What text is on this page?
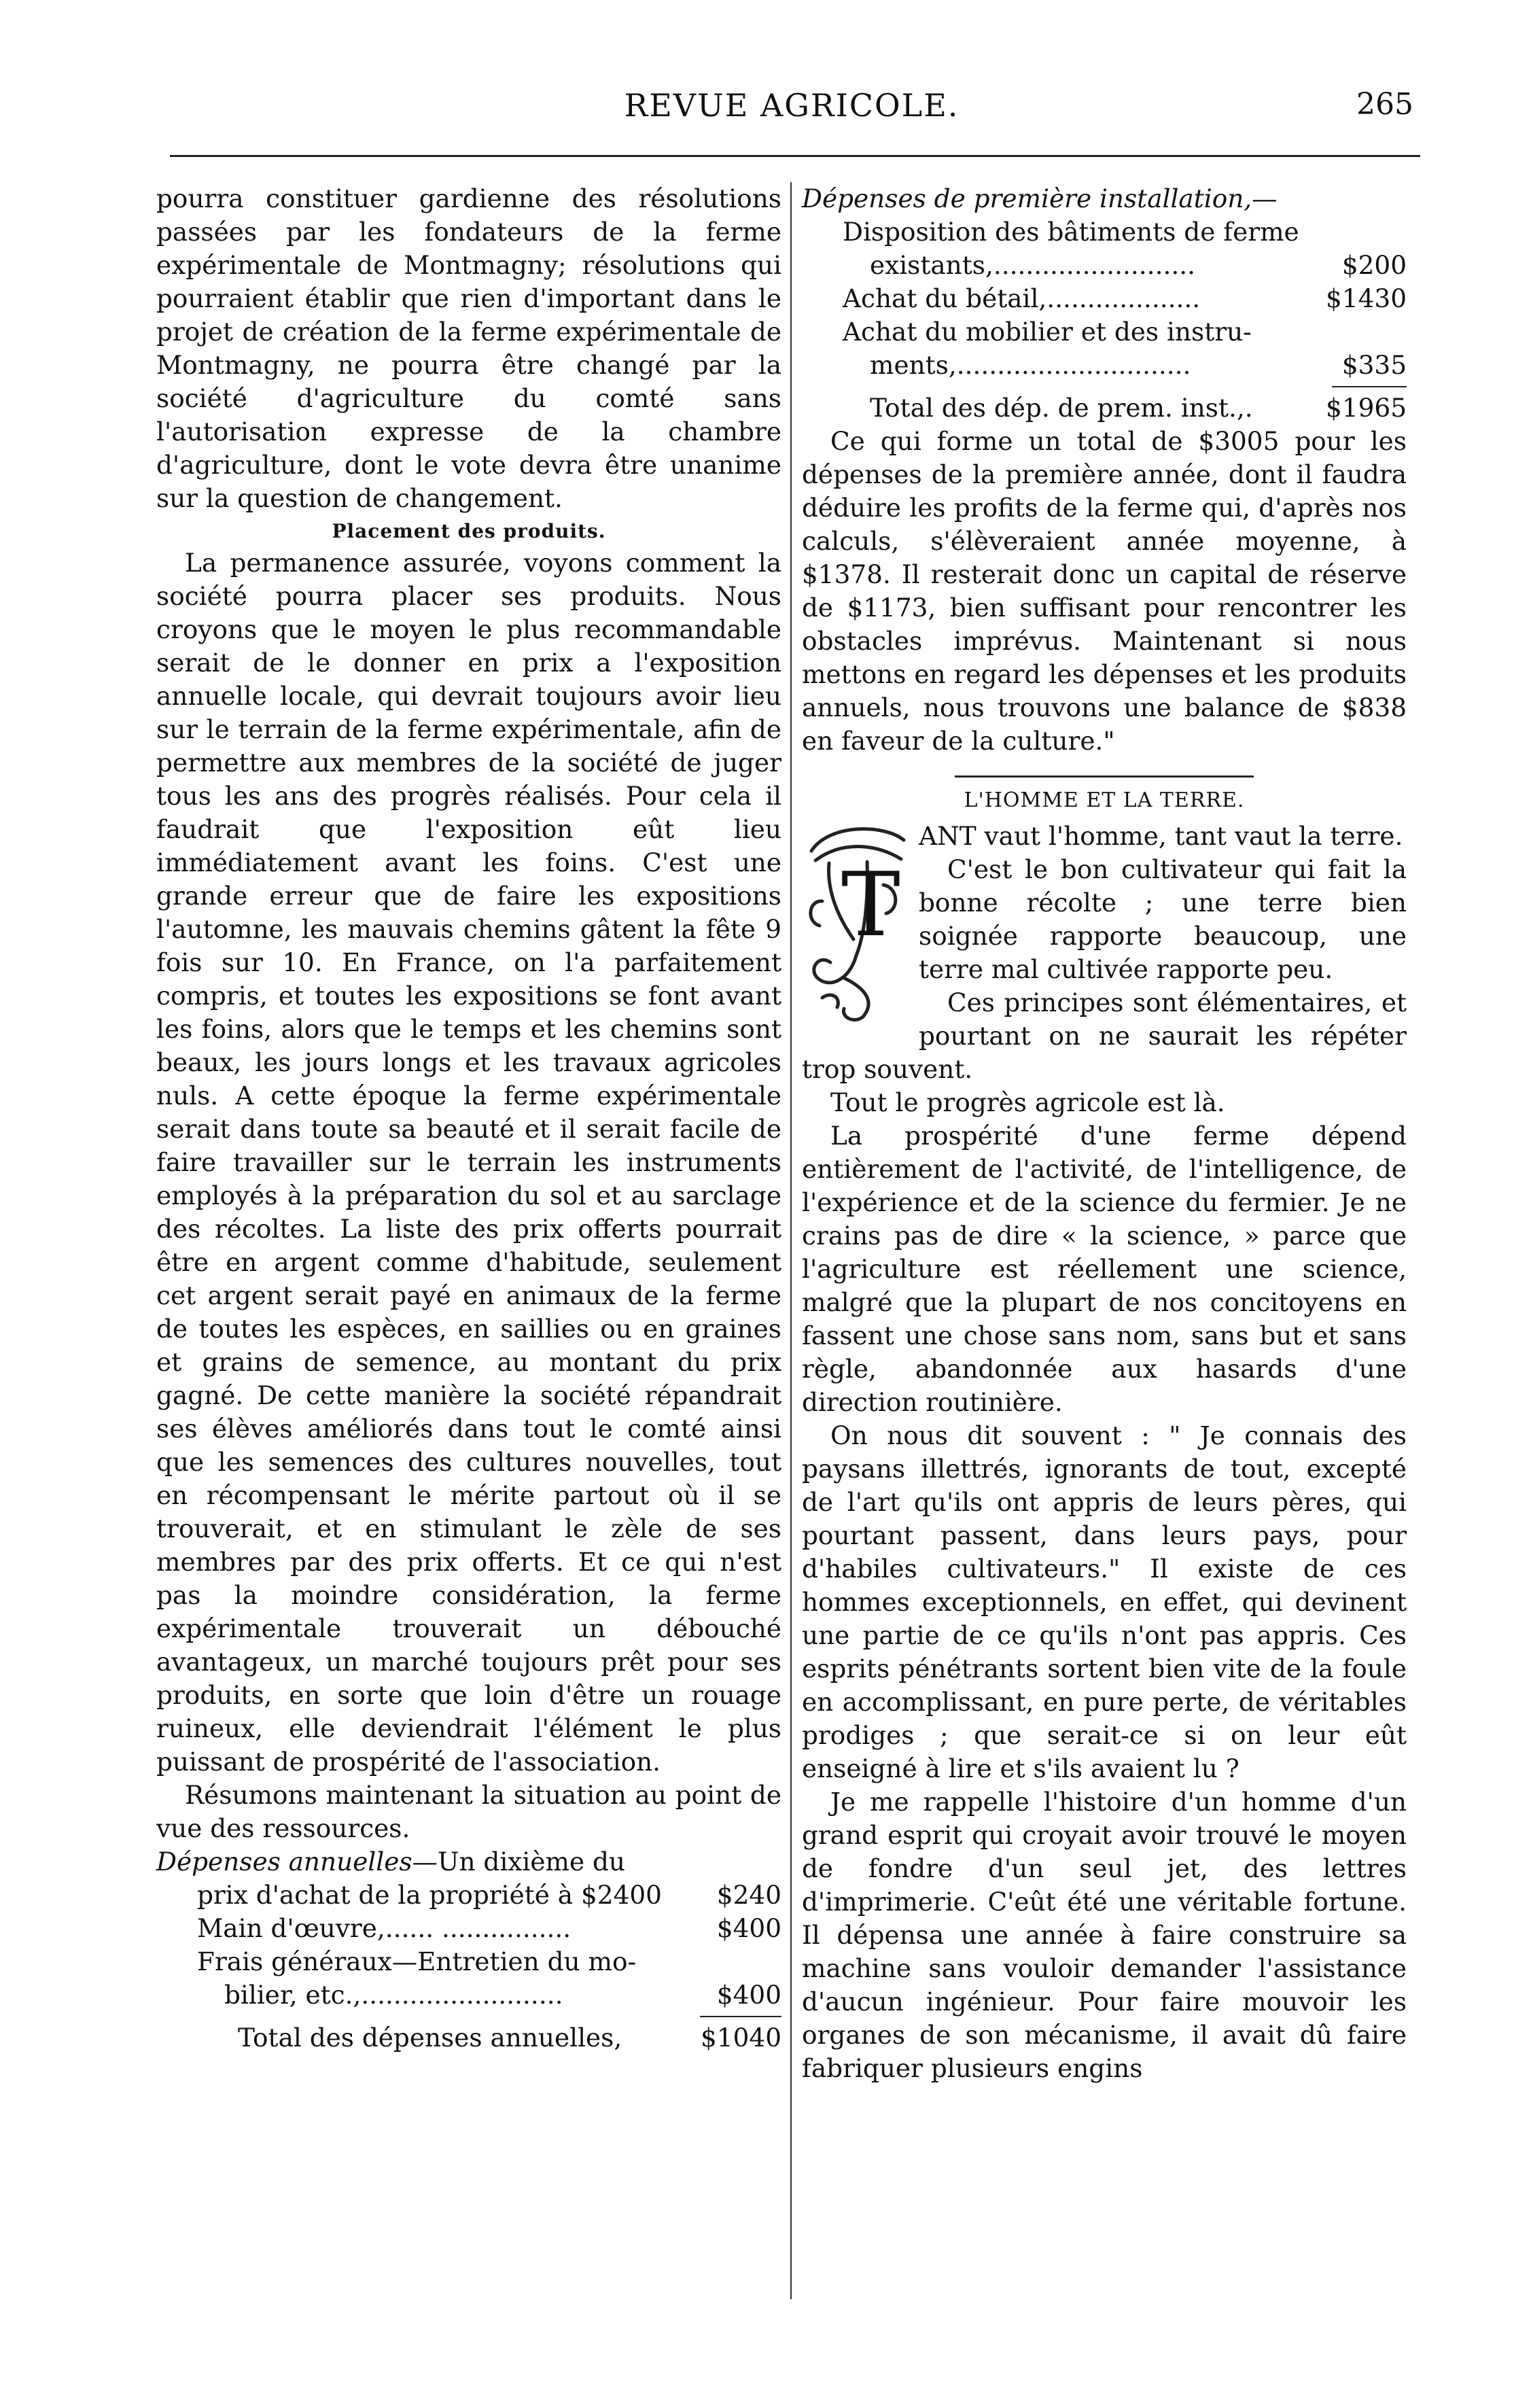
REVUE AGRICOLE.	265

pourra constituer gardienne des résolutions passées par les fondateurs de la ferme expérimentale de Montmagny; résolutions qui pourraient établir que rien d'important dans le projet de création de la ferme expérimentale de Montmagny, ne pourra être changé par la société d'agriculture du comté sans l'autorisation expresse de la chambre d'agriculture, dont le vote devra être unanime sur la question de changement.

Placement des produits.

La permanence assurée, voyons comment la société pourra placer ses produits. Nous croyons que le moyen le plus recommandable serait de le donner en prix a l'exposition annuelle locale, qui devrait toujours avoir lieu sur le terrain de la ferme expérimentale, afin de permettre aux membres de la société de juger tous les ans des progrès réalisés. Pour cela il faudrait que l'exposition eût lieu immédiatement avant les foins. C'est une grande erreur que de faire les expositions l'automne, les mauvais chemins gâtent la fête 9 fois sur 10. En France, on l'a parfaitement compris, et toutes les expositions se font avant les foins, alors que le temps et les chemins sont beaux, les jours longs et les travaux agricoles nuls. A cette époque la ferme expérimentale serait dans toute sa beauté et il serait facile de faire travailler sur le terrain les instruments employés à la préparation du sol et au sarclage des récoltes. La liste des prix offerts pourrait être en argent comme d'habitude, seulement cet argent serait payé en animaux de la ferme de toutes les espèces, en saillies ou en graines et grains de semence, au montant du prix gagné. De cette manière la société répandrait ses élèves améliorés dans tout le comté ainsi que les semences des cultures nouvelles, tout en récompensant le mérite partout où il se trouverait, et en stimulant le zèle de ses membres par des prix offerts. Et ce qui n'est pas la moindre considération, la ferme expérimentale trouverait un débouché avantageux, un marché toujours prêt pour ses produits, en sorte que loin d'être un rouage ruineux, elle deviendrait l'élément le plus puissant de prospérité de l'association.

Résumons maintenant la situation au point de vue des ressources.

Dépenses annuelles—Un dixième du
prix d'achat de la propriété à $2400	$240
Main d'œuvre,...... ................	$400
Frais généraux—Entretien du mo-
bilier, etc.,.........................	$400
Total des dépenses annuelles,	$1040
Dépenses de première installation,—
Disposition des bâtiments de ferme
existants,.........................	$200
Achat du bétail,...................	$1430
Achat du mobilier et des instru-
ments,.............................	$335
Total des dép. de prem. inst.,.	$1965

Ce qui forme un total de $3005 pour les dépenses de la première année, dont il faudra déduire les profits de la ferme qui, d'après nos calculs, s'élèveraient année moyenne, à $1378. Il resterait donc un capital de réserve de $1173, bien suffisant pour rencontrer les obstacles imprévus. Maintenant si nous mettons en regard les dépenses et les produits annuels, nous trouvons une balance de $838 en faveur de la culture."

L'HOMME ET LA TERRE.
T

ANT vaut l'homme, tant vaut la terre.

C'est le bon cultivateur qui fait la bonne récolte ; une terre bien soignée rapporte beaucoup, une terre mal cultivée rapporte peu.

Ces principes sont élémentaires, et pourtant on ne saurait les répéter trop souvent.

Tout le progrès agricole est là.

La prospérité d'une ferme dépend entièrement de l'activité, de l'intelligence, de l'expérience et de la science du fermier. Je ne crains pas de dire « la science, » parce que l'agriculture est réellement une science, malgré que la plupart de nos concitoyens en fassent une chose sans nom, sans but et sans règle, abandonnée aux hasards d'une direction routinière.

On nous dit souvent : " Je connais des paysans illettrés, ignorants de tout, excepté de l'art qu'ils ont appris de leurs pères, qui pourtant passent, dans leurs pays, pour d'habiles cultivateurs." Il existe de ces hommes exceptionnels, en effet, qui devinent une partie de ce qu'ils n'ont pas appris. Ces esprits pénétrants sortent bien vite de la foule en accomplissant, en pure perte, de véritables prodiges ; que serait-ce si on leur eût enseigné à lire et s'ils avaient lu ?

Je me rappelle l'histoire d'un homme d'un grand esprit qui croyait avoir trouvé le moyen de fondre d'un seul jet, des lettres d'imprimerie. C'eût été une véritable fortune. Il dépensa une année à faire construire sa machine sans vouloir demander l'assistance d'aucun ingénieur. Pour faire mouvoir les organes de son mécanisme, il avait dû faire fabriquer plusieurs engins
